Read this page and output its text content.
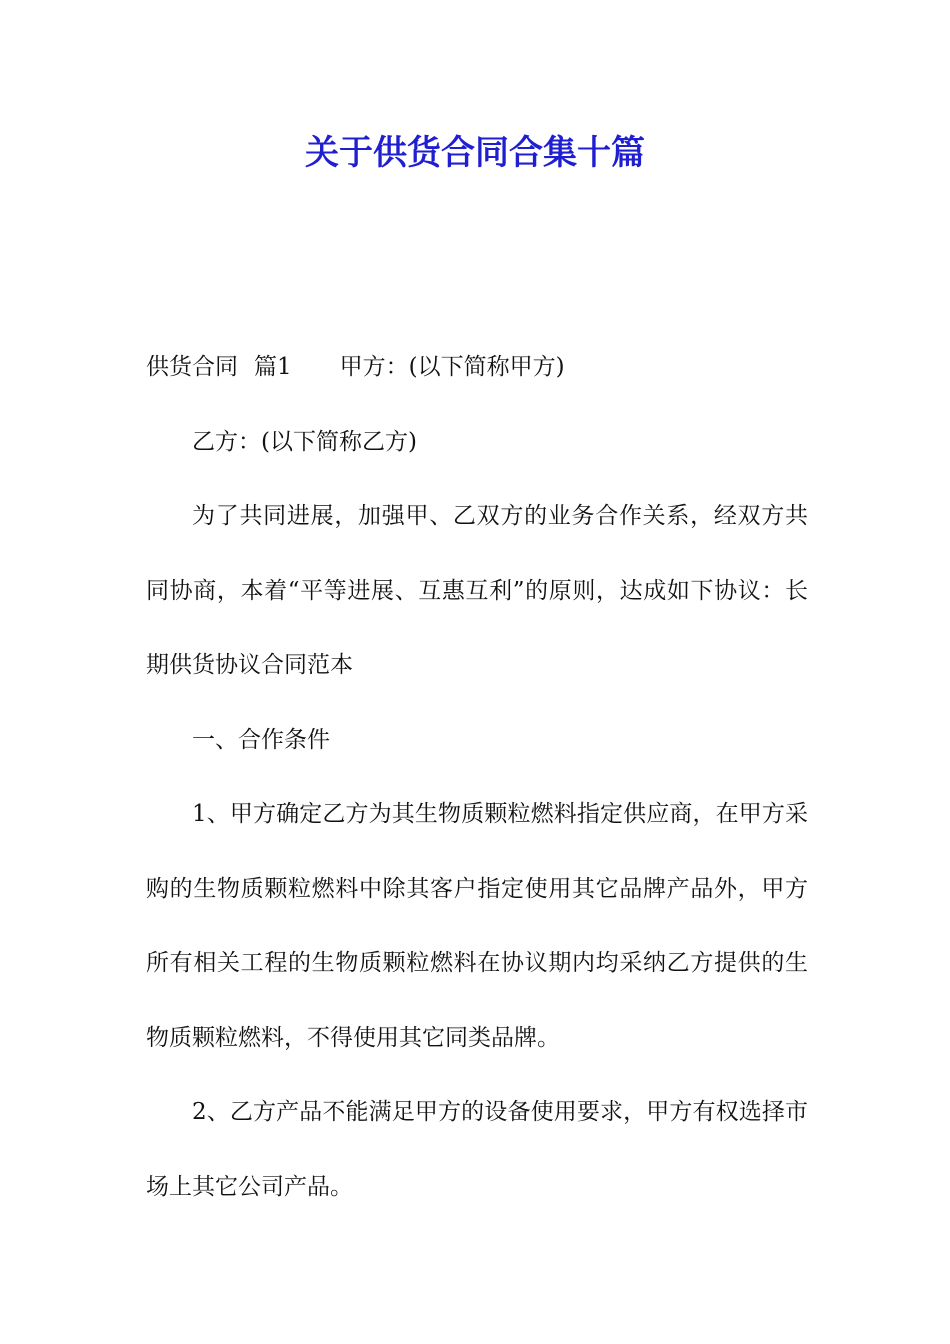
关于供货合同合集十篇

供货合同 篇1 甲方：(以下简称甲方)

乙方：(以下简称乙方)

为了共同进展，加强甲、乙双方的业务合作关系，经双方共同协商，本着“平等进展、互惠互利”的原则，达成如下协议：长期供货协议合同范本

一、合作条件

1、甲方确定乙方为其生物质颗粒燃料指定供应商，在甲方采购的生物质颗粒燃料中除其客户指定使用其它品牌产品外，甲方所有相关工程的生物质颗粒燃料在协议期内均采纳乙方提供的生物质颗粒燃料，不得使用其它同类品牌。

2、乙方产品不能满足甲方的设备使用要求，甲方有权选择市场上其它公司产品。
